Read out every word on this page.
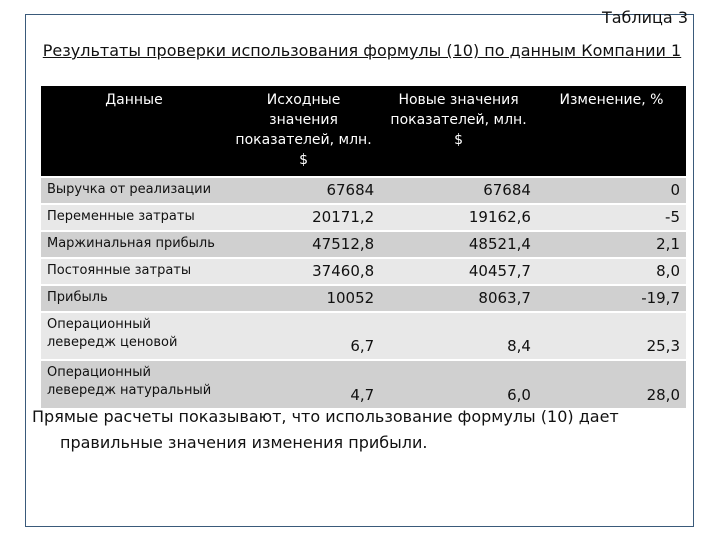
Таблица 3
Результаты проверки использования формулы (10) по данным Компании 1
Данные	Исходные значения показателей, млн. $	Новые значения показателей, млн. $	Изменение, %
Выручка от реализации	67684	67684	0
Переменные затраты	20171,2	19162,6	-5
Маржинальная прибыль	47512,8	48521,4	2,1
Постоянные затраты	37460,8	40457,7	8,0
Прибыль	10052	8063,7	-19,7
Операционный левередж ценовой	6,7	8,4	25,3
Операционный левередж натуральный	4,7	6,0	28,0
Прямые расчеты показывают, что использование формулы (10) дает
правильные значения изменения прибыли.
